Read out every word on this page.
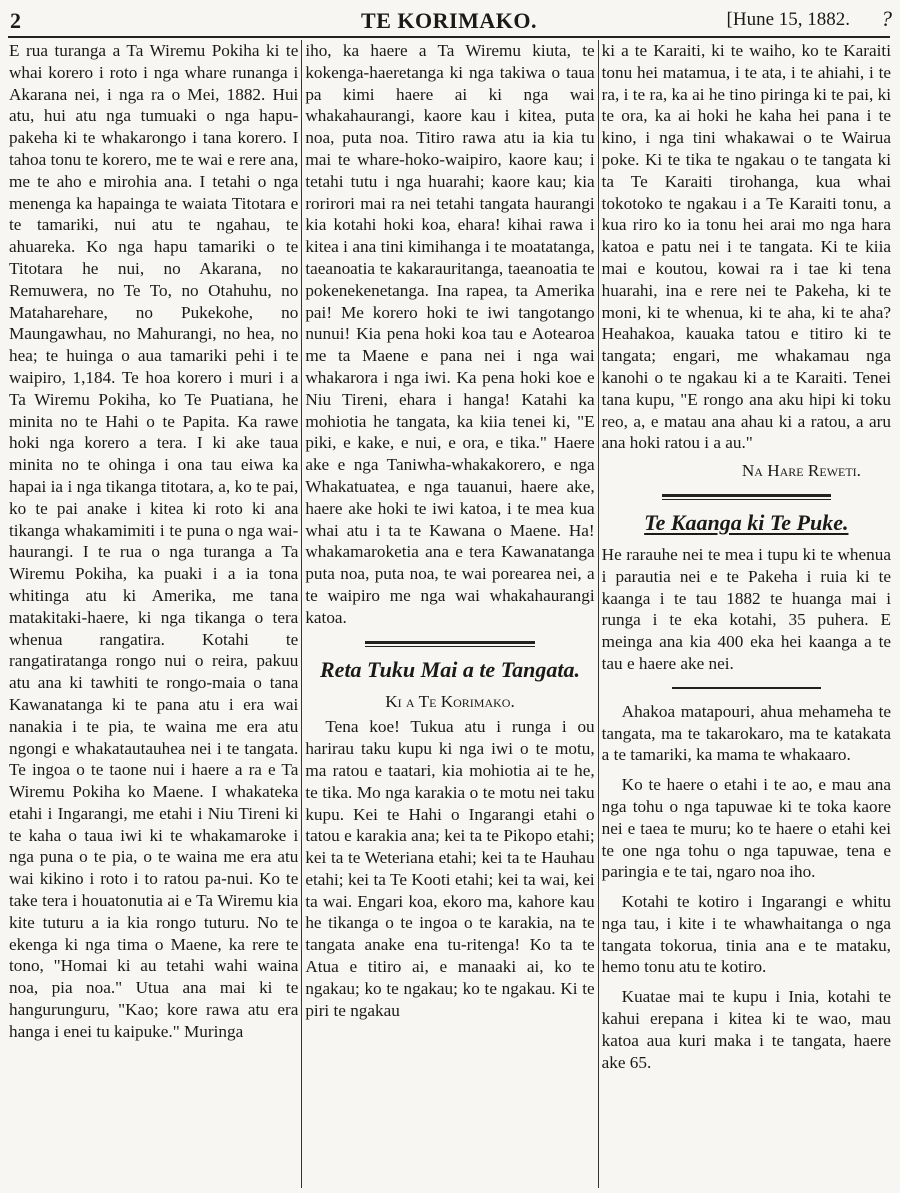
2	TE KORIMAKO.	[Hune 15, 1882. ?

E rua turanga a Ta Wiremu Pokiha ki te whai korero i roto i nga whare runanga i Akarana nei, i nga ra o Mei, 1882. Hui atu, hui atu nga tumuaki o nga hapu-pakeha ki te whakarongo i tana korero. I tahoa tonu te korero, me te wai e rere ana, me te aho e mirohia ana. I tetahi o nga menenga ka hapainga te waiata Titotara e te tamariki, nui atu te ngahau, te ahuareka. Ko nga hapu tamariki o te Titotara he nui, no Akarana, no Remuwera, no Te To, no Otahuhu, no Mataharehare, no Pukekohe, no Maungawhau, no Mahurangi, no hea, no hea; te huinga o aua tamariki pehi i te waipiro, 1,184. Te hoa korero i muri i a Ta Wiremu Pokiha, ko Te Puatiana, he minita no te Hahi o te Papita. Ka rawe hoki nga korero a tera. I ki ake taua minita no te ohinga i ona tau eiwa ka hapai ia i nga tikanga titotara, a, ko te pai, ko te pai anake i kitea ki roto ki ana tikanga whakamimiti i te puna o nga wai-haurangi. I te rua o nga turanga a Ta Wiremu Pokiha, ka puaki i a ia tona whitinga atu ki Amerika, me tana matakitaki-haere, ki nga tikanga o tera whenua rangatira. Kotahi te rangatiratanga rongo nui o reira, pakuu atu ana ki tawhiti te rongo-maia o tana Kawanatanga ki te pana atu i era wai nanakia i te pia, te waina me era atu ngongi e whakatautauhea nei i te tangata. Te ingoa o te taone nui i haere a ra e Ta Wiremu Pokiha ko Maene. I whakateka etahi i Ingarangi, me etahi i Niu Tireni ki te kaha o taua iwi ki te whakamaroke i nga puna o te pia, o te waina me era atu wai kikino i roto i to ratou pa-nui. Ko te take tera i houatonutia ai e Ta Wiremu kia kite tuturu a ia kia rongo tuturu. No te ekenga ki nga tima o Maene, ka rere te tono, "Homai ki au tetahi wahi waina noa, pia noa." Utua ana mai ki te hangurunguru, "Kao; kore rawa atu era hanga i enei tu kaipuke." Muringa

iho, ka haere a Ta Wiremu kiuta, te kokenga-haeretanga ki nga takiwa o taua pa kimi haere ai ki nga wai whakahaurangi, kaore kau i kitea, puta noa, puta noa. Titiro rawa atu ia kia tu mai te whare-hoko-waipiro, kaore kau; i tetahi tutu i nga huarahi; kaore kau; kia rorirori mai ra nei tetahi tangata haurangi kia kotahi hoki koa, ehara! kihai rawa i kitea i ana tini kimihanga i te moatatanga, taeanoatia te kakarauritanga, taeanoatia te pokenekenetanga. Ina rapea, ta Amerika pai! Me korero hoki te iwi tangotango nunui! Kia pena hoki koa tau e Aotearoa me ta Maene e pana nei i nga wai whakarora i nga iwi. Ka pena hoki koe e Niu Tireni, ehara i hanga! Katahi ka mohiotia he tangata, ka kiia tenei ki, "E piki, e kake, e nui, e ora, e tika." Haere ake e nga Taniwha-whakakorero, e nga Whakatuatea, e nga tauanui, haere ake, haere ake hoki te iwi katoa, i te mea kua whai atu i ta te Kawana o Maene. Ha! whakamaroketia ana e tera Kawanatanga puta noa, puta noa, te wai porearea nei, a te waipiro me nga wai whakahaurangi katoa.

Reta Tuku Mai a te Tangata.
Ki a Te Korimako.

Tena koe! Tukua atu i runga i ou harirau taku kupu ki nga iwi o te motu, ma ratou e taatari, kia mohiotia ai te he, te tika. Mo nga karakia o te motu nei taku kupu. Kei te Hahi o Ingarangi etahi o tatou e karakia ana; kei ta te Pikopo etahi; kei ta te Weteriana etahi; kei ta te Hauhau etahi; kei ta Te Kooti etahi; kei ta wai, kei ta wai. Engari koa, ekoro ma, kahore kau he tikanga o te ingoa o te karakia, na te tangata anake ena tu-ritenga! Ko ta te Atua e titiro ai, e manaaki ai, ko te ngakau; ko te ngakau; ko te ngakau. Ki te piri te ngakau

ki a te Karaiti, ki te waiho, ko te Karaiti tonu hei matamua, i te ata, i te ahiahi, i te ra, i te ra, ka ai he tino piringa ki te pai, ki te ora, ka ai hoki he kaha hei pana i te kino, i nga tini whakawai o te Wairua poke. Ki te tika te ngakau o te tangata ki ta Te Karaiti tirohanga, kua whai tokotoko te ngakau i a Te Karaiti tonu, a kua riro ko ia tonu hei arai mo nga hara katoa e patu nei i te tangata. Ki te kiia mai e koutou, kowai ra i tae ki tena huarahi, ina e rere nei te Pakeha, ki te moni, ki te whenua, ki te aha, ki te aha? Heahakoa, kauaka tatou e titiro ki te tangata; engari, me whakamau nga kanohi o te ngakau ki a te Karaiti. Tenei tana kupu, "E rongo ana aku hipi ki toku reo, a, e matau ana ahau ki a ratou, a aru ana hoki ratou i a au."

Na Hare Reweti.
Te Kaanga ki Te Puke.

He rarauhe nei te mea i tupu ki te whenua i parautia nei e te Pakeha i ruia ki te kaanga i te tau 1882 te huanga mai i runga i te eka kotahi, 35 puhera. E meinga ana kia 400 eka hei kaanga a te tau e haere ake nei.

Ahakoa matapouri, ahua mehameha te tangata, ma te takarokaro, ma te katakata a te tamariki, ka mama te whakaaro.

Ko te haere o etahi i te ao, e mau ana nga tohu o nga tapuwae ki te toka kaore nei e taea te muru; ko te haere o etahi kei te one nga tohu o nga tapuwae, tena e paringia e te tai, ngaro noa iho.

Kotahi te kotiro i Ingarangi e whitu nga tau, i kite i te whawhaitanga o nga tangata tokorua, tinia ana e te mataku, hemo tonu atu te kotiro.

Kuatae mai te kupu i Inia, kotahi te kahui erepana i kitea ki te wao, mau katoa aua kuri maka i te tangata, haere ake 65.
